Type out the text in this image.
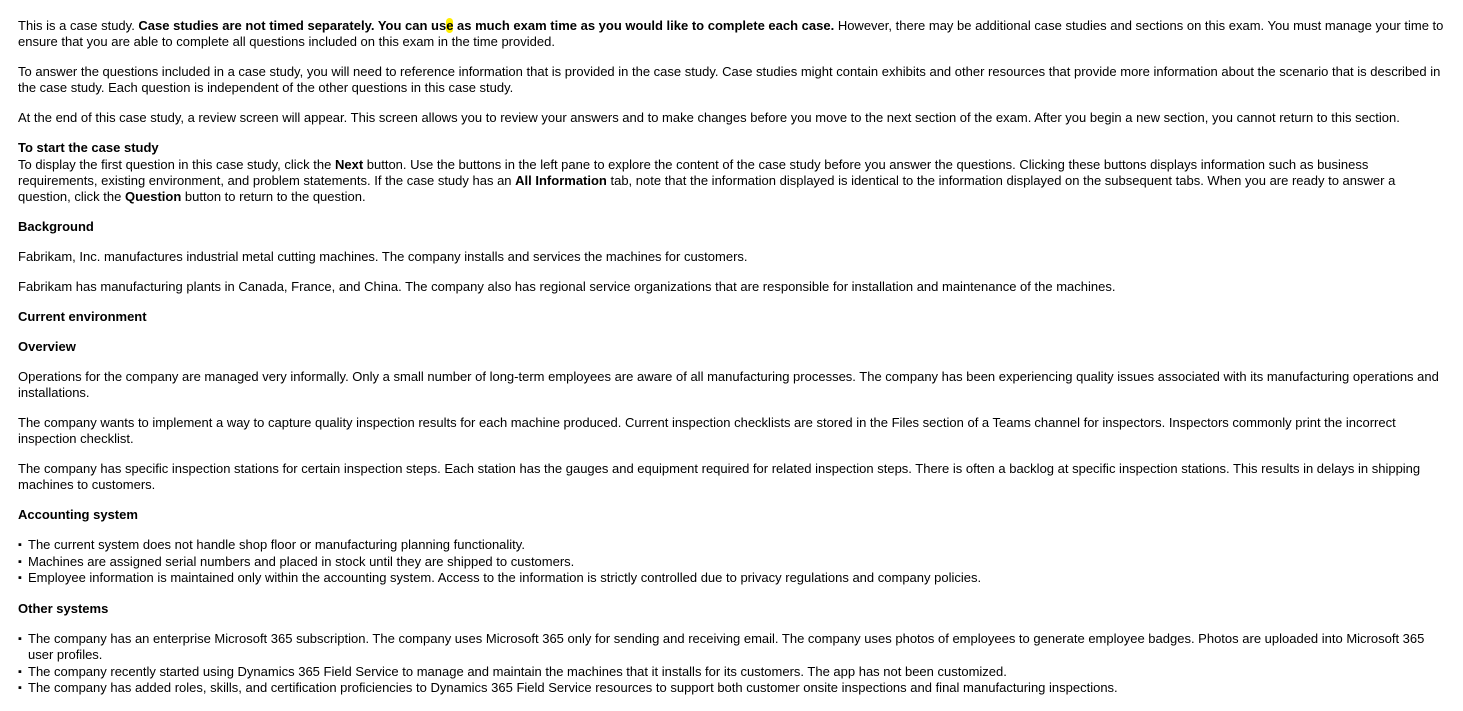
This is a case study. Case studies are not timed separately. You can use as much exam time as you would like to complete each case. However, there may be additional case studies and sections on this exam. You must manage your time to ensure that you are able to complete all questions included on this exam in the time provided.

To answer the questions included in a case study, you will need to reference information that is provided in the case study. Case studies might contain exhibits and other resources that provide more information about the scenario that is described in the case study. Each question is independent of the other questions in this case study.

At the end of this case study, a review screen will appear. This screen allows you to review your answers and to make changes before you move to the next section of the exam. After you begin a new section, you cannot return to this section.

To start the case study

To display the first question in this case study, click the Next button. Use the buttons in the left pane to explore the content of the case study before you answer the questions. Clicking these buttons displays information such as business requirements, existing environment, and problem statements. If the case study has an All Information tab, note that the information displayed is identical to the information displayed on the subsequent tabs. When you are ready to answer a question, click the Question button to return to the question.

Background

Fabrikam, Inc. manufactures industrial metal cutting machines. The company installs and services the machines for customers.

Fabrikam has manufacturing plants in Canada, France, and China. The company also has regional service organizations that are responsible for installation and maintenance of the machines.

Current environment
Overview

Operations for the company are managed very informally. Only a small number of long-term employees are aware of all manufacturing processes. The company has been experiencing quality issues associated with its manufacturing operations and installations.

The company wants to implement a way to capture quality inspection results for each machine produced. Current inspection checklists are stored in the Files section of a Teams channel for inspectors. Inspectors commonly print the incorrect inspection checklist.

The company has specific inspection stations for certain inspection steps. Each station has the gauges and equipment required for related inspection steps. There is often a backlog at specific inspection stations. This results in delays in shipping machines to customers.

Accounting system
▪ The current system does not handle shop floor or manufacturing planning functionality.
▪ Machines are assigned serial numbers and placed in stock until they are shipped to customers.
▪ Employee information is maintained only within the accounting system. Access to the information is strictly controlled due to privacy regulations and company policies.
Other systems
▪ The company has an enterprise Microsoft 365 subscription. The company uses Microsoft 365 only for sending and receiving email. The company uses photos of employees to generate employee badges. Photos are uploaded into Microsoft 365 user profiles.
▪ The company recently started using Dynamics 365 Field Service to manage and maintain the machines that it installs for its customers. The app has not been customized.
▪ The company has added roles, skills, and certification proficiencies to Dynamics 365 Field Service resources to support both customer onsite inspections and final manufacturing inspections.
